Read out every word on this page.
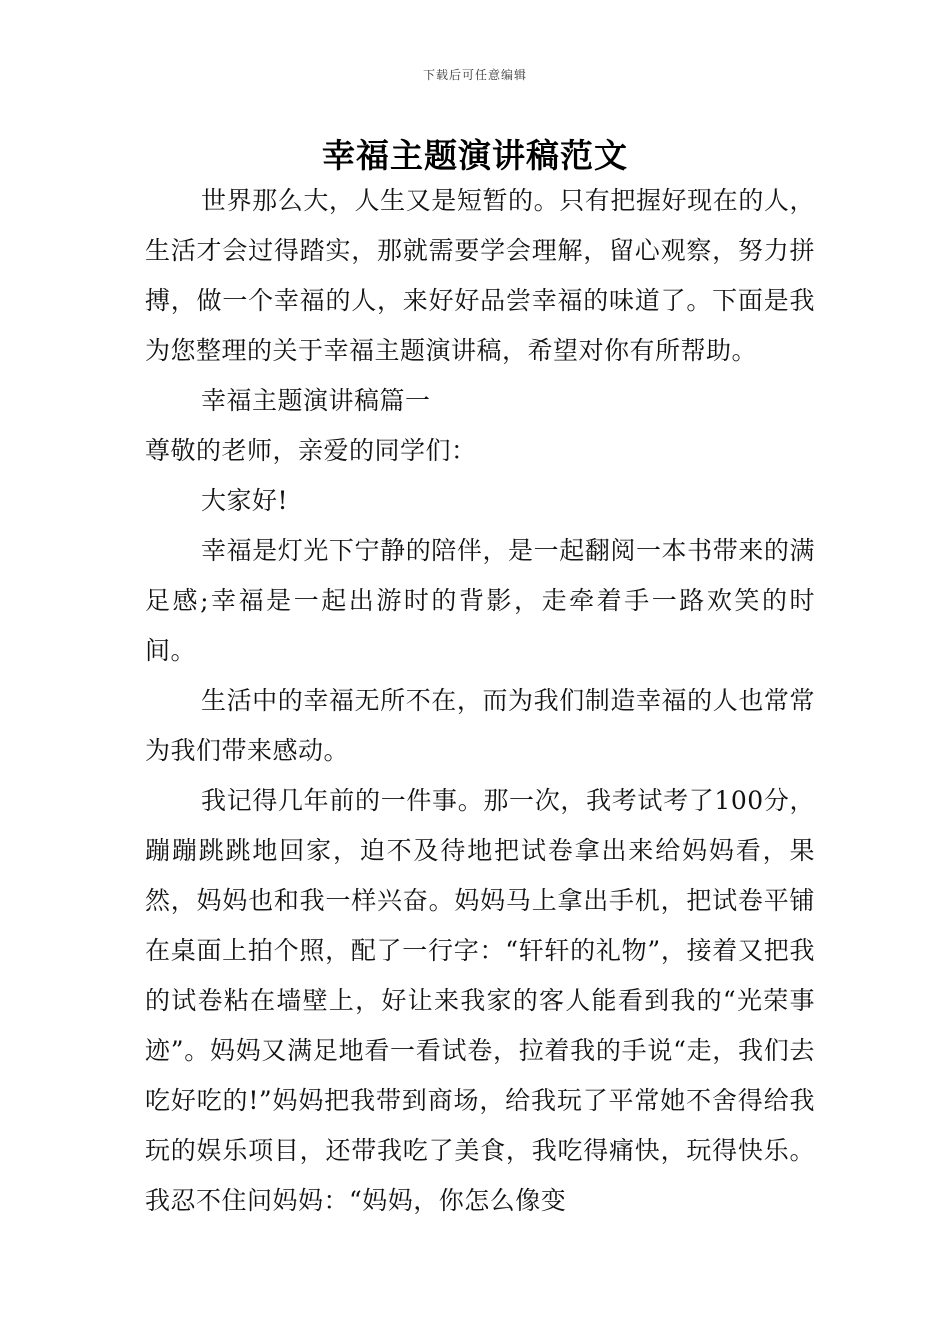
下载后可任意编辑
幸福主题演讲稿范文

世界那么大，人生又是短暂的。只有把握好现在的人，生活才会过得踏实，那就需要学会理解，留心观察，努力拼搏，做一个幸福的人，来好好品尝幸福的味道了。下面是我为您整理的关于幸福主题演讲稿，希望对你有所帮助。

幸福主题演讲稿篇一

尊敬的老师，亲爱的同学们：

大家好!

幸福是灯光下宁静的陪伴，是一起翻阅一本书带来的满足感;幸福是一起出游时的背影，走牵着手一路欢笑的时间。

生活中的幸福无所不在，而为我们制造幸福的人也常常为我们带来感动。

我记得几年前的一件事。那一次，我考试考了100分，蹦蹦跳跳地回家，迫不及待地把试卷拿出来给妈妈看，果然，妈妈也和我一样兴奋。妈妈马上拿出手机，把试卷平铺在桌面上拍个照，配了一行字：“轩轩的礼物”，接着又把我的试卷粘在墙壁上，好让来我家的客人能看到我的“光荣事迹”。妈妈又满足地看一看试卷，拉着我的手说“走，我们去吃好吃的!”妈妈把我带到商场，给我玩了平常她不舍得给我玩的娱乐项目，还带我吃了美食，我吃得痛快，玩得快乐。我忍不住问妈妈：“妈妈，你怎么像变
